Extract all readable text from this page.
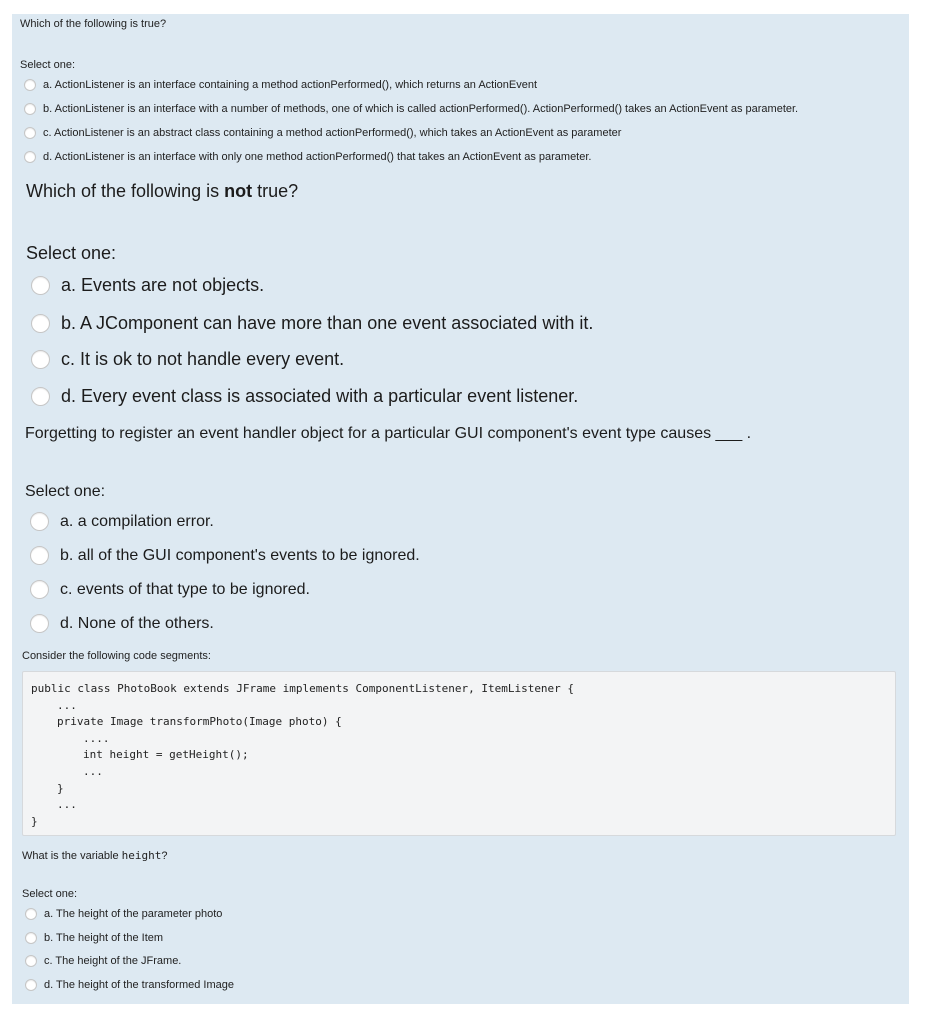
Which of the following is true?
Select one:
a. ActionListener is an interface containing a method actionPerformed(), which returns an ActionEvent
b. ActionListener is an interface with a number of methods, one of which is called actionPerformed(). ActionPerformed() takes an ActionEvent as parameter.
c. ActionListener is an abstract class containing a method actionPerformed(), which takes an ActionEvent as parameter
d. ActionListener is an interface with only one method actionPerformed() that takes an ActionEvent as parameter.
Which of the following is not true?
Select one:
a. Events are not objects.
b. A JComponent can have more than one event associated with it.
c. It is ok to not handle every event.
d. Every event class is associated with a particular event listener.
Forgetting to register an event handler object for a particular GUI component's event type causes ___ .
Select one:
a. a compilation error.
b. all of the GUI component's events to be ignored.
c. events of that type to be ignored.
d. None of the others.
Consider the following code segments:
public class PhotoBook extends JFrame implements ComponentListener, ItemListener {
...
private Image transformPhoto(Image photo) {
....
int height = getHeight();
...
}
...
}
What is the variable height?
Select one:
a. The height of the parameter photo
b. The height of the Item
c. The height of the JFrame.
d. The height of the transformed Image
